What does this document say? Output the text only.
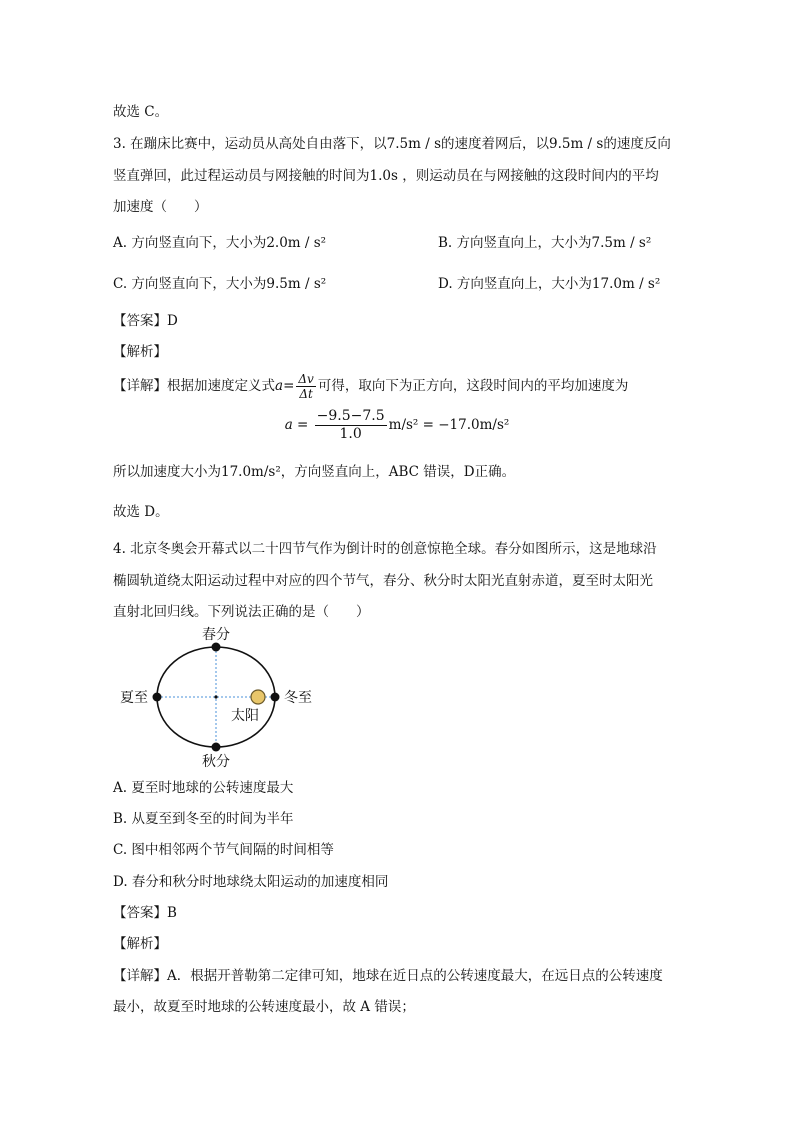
故选 C。
3. 在蹦床比赛中，运动员从高处自由落下，以7.5m / s的速度着网后，以9.5m / s的速度反向
竖直弹回，此过程运动员与网接触的时间为1.0s ，则运动员在与网接触的这段时间内的平均
加速度（　　）
A. 方向竖直向下，大小为2.0m / s²	B. 方向竖直向上，大小为7.5m / s²
C. 方向竖直向下，大小为9.5m / s²	D. 方向竖直向上，大小为17.0m / s²
【答案】D
【解析】
【详解】根据加速度定义式$a= \frac{\Delta v}{\Delta t}$ 可得，取向下为正方向，这段时间内的平均加速度为
$a = \frac{-9.5-7.5}{1.0} m/s^2 = -17.0m/s^2$
所以加速度大小为17.0m/s²，方向竖直向上，ABC 错误，D正确。
故选 D。
4. 北京冬奥会开幕式以二十四节气作为倒计时的创意惊艳全球。春分如图所示，这是地球沿
椭圆轨道绕太阳运动过程中对应的四个节气，春分、秋分时太阳光直射赤道，夏至时太阳光
直射北回归线。下列说法正确的是（　　）
春分
夏至	冬至
秋分
太阳
A. 夏至时地球的公转速度最大
B. 从夏至到冬至的时间为半年
C. 图中相邻两个节气间隔的时间相等
D. 春分和秋分时地球绕太阳运动的加速度相同
【答案】B
【解析】
【详解】A．根据开普勒第二定律可知，地球在近日点的公转速度最大，在远日点的公转速度
最小，故夏至时地球的公转速度最小，故 A 错误；
